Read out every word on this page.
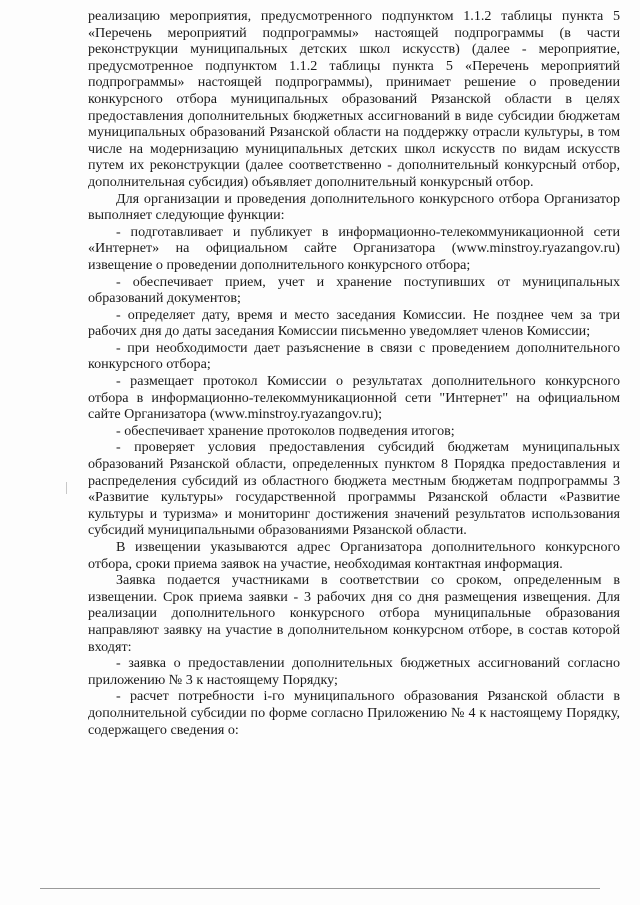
реализацию мероприятия, предусмотренного подпунктом 1.1.2 таблицы пункта 5 «Перечень мероприятий подпрограммы» настоящей подпрограммы (в части реконструкции муниципальных детских школ искусств) (далее - мероприятие, предусмотренное подпунктом 1.1.2 таблицы пункта 5 «Перечень мероприятий подпрограммы» настоящей подпрограммы), принимает решение о проведении конкурсного отбора муниципальных образований Рязанской области в целях предоставления дополнительных бюджетных ассигнований в виде субсидии бюджетам муниципальных образований Рязанской области на поддержку отрасли культуры, в том числе на модернизацию муниципальных детских школ искусств по видам искусств путем их реконструкции (далее соответственно - дополнительный конкурсный отбор, дополнительная субсидия) объявляет дополнительный конкурсный отбор.

Для организации и проведения дополнительного конкурсного отбора Организатор выполняет следующие функции:

- подготавливает и публикует в информационно-телекоммуникационной сети «Интернет» на официальном сайте Организатора (www.minstroy.ryazangov.ru) извещение о проведении дополнительного конкурсного отбора;

- обеспечивает прием, учет и хранение поступивших от муниципальных образований документов;

- определяет дату, время и место заседания Комиссии. Не позднее чем за три рабочих дня до даты заседания Комиссии письменно уведомляет членов Комиссии;

- при необходимости дает разъяснение в связи с проведением дополнительного конкурсного отбора;

- размещает протокол Комиссии о результатах дополнительного конкурсного отбора в информационно-телекоммуникационной сети "Интернет" на официальном сайте Организатора (www.minstroy.ryazangov.ru);

- обеспечивает хранение протоколов подведения итогов;

- проверяет условия предоставления субсидий бюджетам муниципальных образований Рязанской области, определенных пунктом 8 Порядка предоставления и распределения субсидий из областного бюджета местным бюджетам подпрограммы 3 «Развитие культуры» государственной программы Рязанской области «Развитие культуры и туризма» и мониторинг достижения значений результатов использования субсидий муниципальными образованиями Рязанской области.

В извещении указываются адрес Организатора дополнительного конкурсного отбора, сроки приема заявок на участие, необходимая контактная информация.

Заявка подается участниками в соответствии со сроком, определенным в извещении. Срок приема заявки - 3 рабочих дня со дня размещения извещения. Для реализации дополнительного конкурсного отбора муниципальные образования направляют заявку на участие в дополнительном конкурсном отборе, в состав которой входят:

- заявка о предоставлении дополнительных бюджетных ассигнований согласно приложению № 3 к настоящему Порядку;

- расчет потребности i-го муниципального образования Рязанской области в дополнительной субсидии по форме согласно Приложению № 4 к настоящему Порядку, содержащего сведения о:
